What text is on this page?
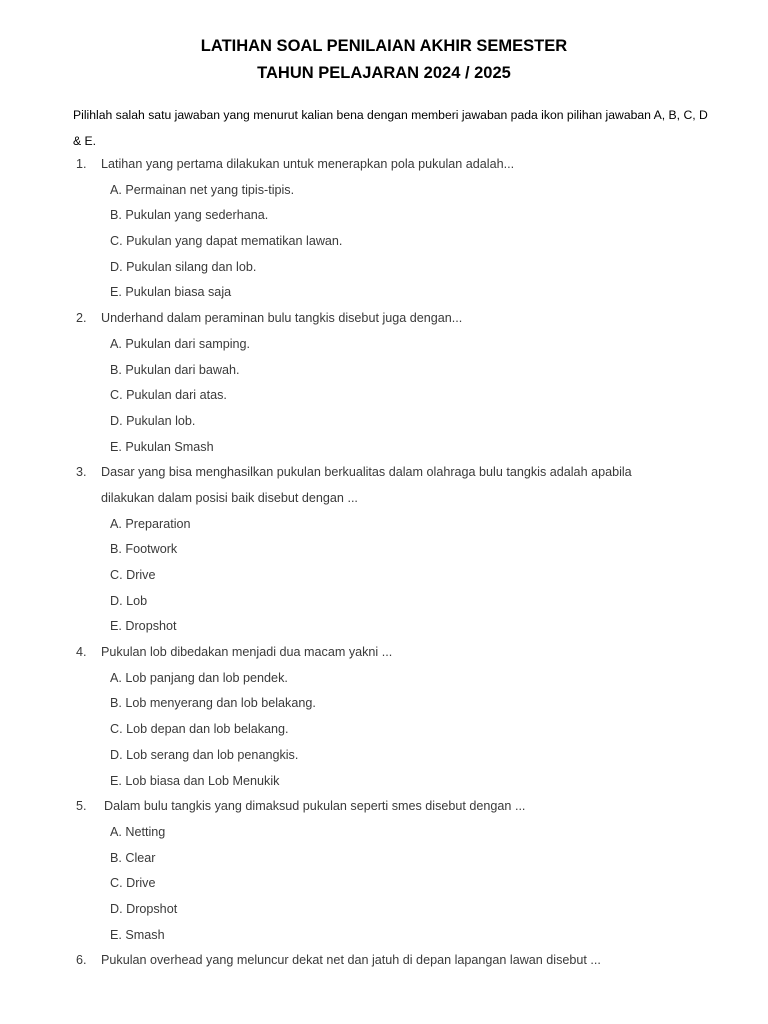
LATIHAN SOAL PENILAIAN AKHIR SEMESTER
TAHUN PELAJARAN 2024 / 2025
Pilihlah salah satu jawaban yang menurut kalian bena dengan memberi jawaban pada ikon pilihan jawaban A, B, C, D & E.
1. Latihan yang pertama dilakukan untuk menerapkan pola pukulan adalah...
A. Permainan net yang tipis-tipis.
B. Pukulan yang sederhana.
C. Pukulan yang dapat mematikan lawan.
D. Pukulan silang dan lob.
E. Pukulan biasa saja
2. Underhand dalam peraminan bulu tangkis disebut juga dengan...
A. Pukulan dari samping.
B. Pukulan dari bawah.
C. Pukulan dari atas.
D. Pukulan lob.
E. Pukulan Smash
3. Dasar yang bisa menghasilkan pukulan berkualitas dalam olahraga bulu tangkis adalah apabila
dilakukan dalam posisi baik disebut dengan ...
A. Preparation
B. Footwork
C. Drive
D. Lob
E. Dropshot
4. Pukulan lob dibedakan menjadi dua macam yakni ...
A. Lob panjang dan lob pendek.
B. Lob menyerang dan lob belakang.
C. Lob depan dan lob belakang.
D. Lob serang dan lob penangkis.
E. Lob biasa dan Lob Menukik
5. Dalam bulu tangkis yang dimaksud pukulan seperti smes disebut dengan ...
A. Netting
B. Clear
C. Drive
D. Dropshot
E. Smash
6. Pukulan overhead yang meluncur dekat net dan jatuh di depan lapangan lawan disebut ...
